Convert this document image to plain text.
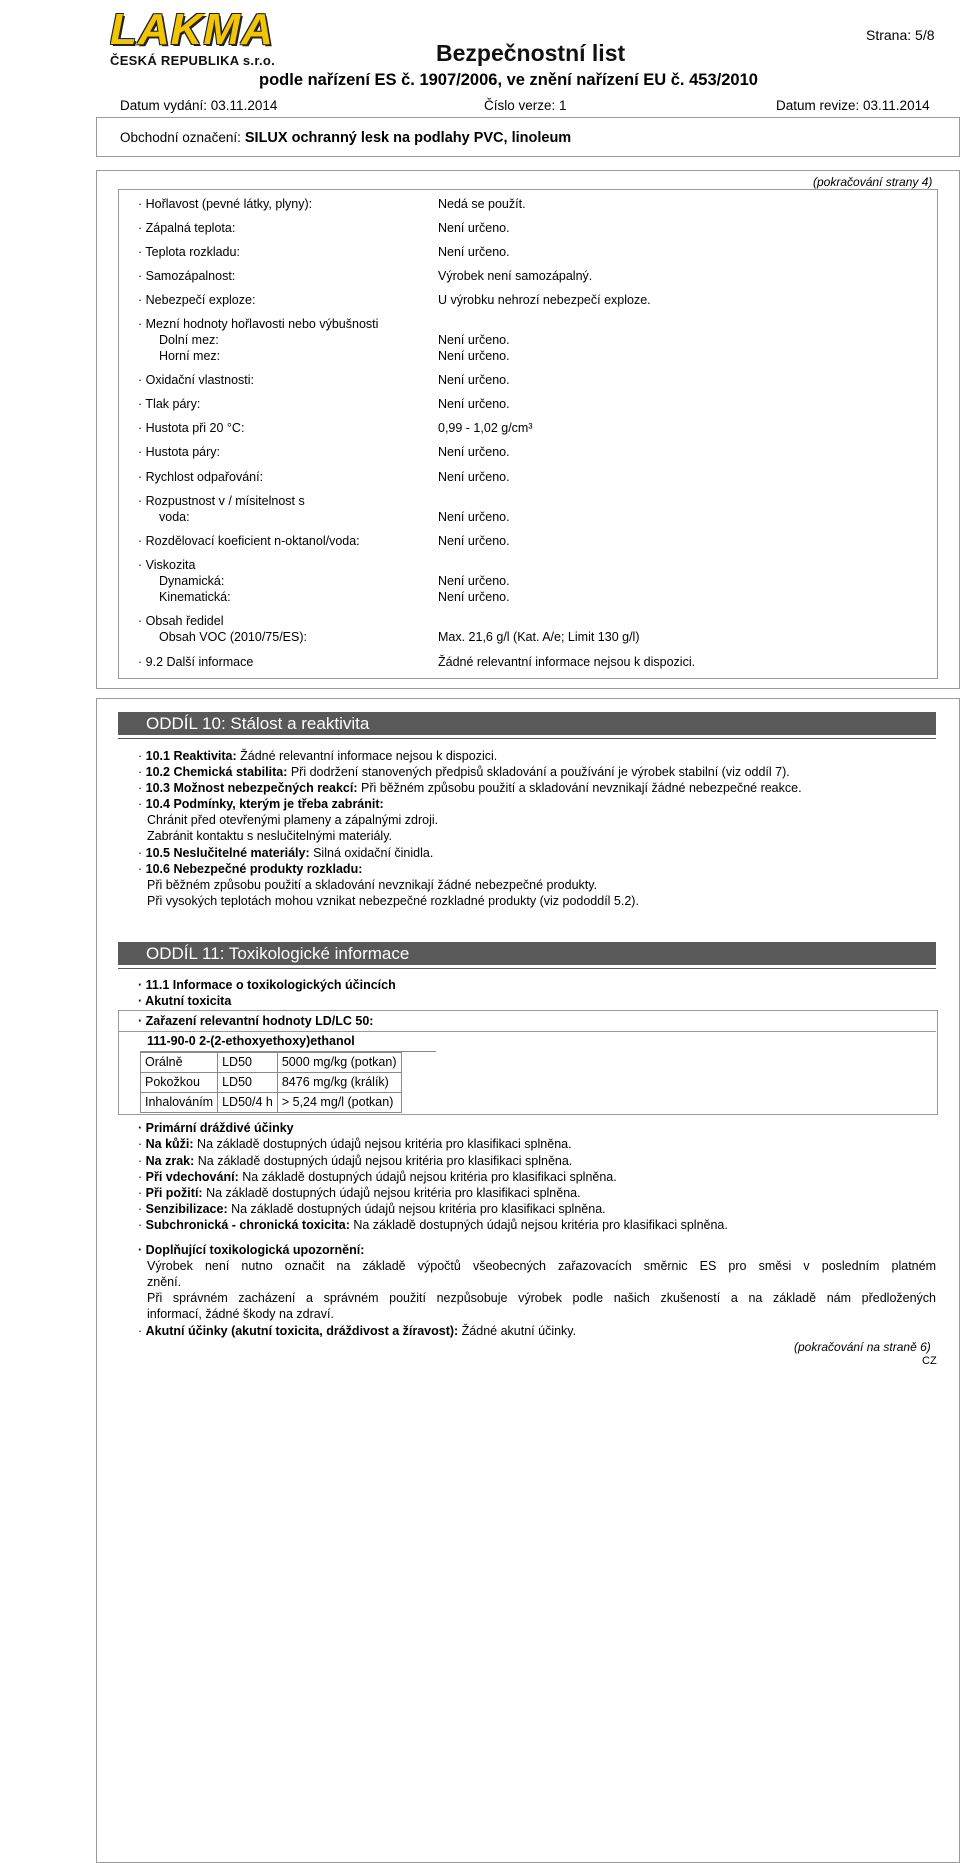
LAKMA
ČESKÁ REPUBLIKA s.r.o.	Bezpečnostní list
podle nařízení ES č. 1907/2006, ve znění nařízení EU č. 453/2010
Strana: 5/8
Datum vydání: 03.11.2014	Číslo verze: 1	Datum revize: 03.11.2014
Obchodní označení: SILUX ochranný lesk na podlahy PVC, linoleum
(pokračování strany 4)
· Hořlavost (pevné látky, plyny):	Nedá se použít.
· Zápalná teplota:	Není určeno.
· Teplota rozkladu:	Není určeno.
· Samozápalnost:	Výrobek není samozápalný.
· Nebezpečí exploze:	U výrobku nehrozí nebezpečí exploze.
· Mezní hodnoty hořlavosti nebo výbušnosti
Dolní mez:	Není určeno.
Horní mez:	Není určeno.
· Oxidační vlastnosti:	Není určeno.
· Tlak páry:	Není určeno.
· Hustota při 20 °C:	0,99 - 1,02 g/cm³
· Hustota páry:	Není určeno.
· Rychlost odpařování:	Není určeno.
· Rozpustnost v / mísitelnost s
voda:	Není určeno.
· Rozdělovací koeficient n-oktanol/voda:	Není určeno.
· Viskozita
Dynamická:	Není určeno.
Kinematická:	Není určeno.
· Obsah ředidel
Obsah VOC (2010/75/ES):	Max. 21,6 g/l (Kat. A/e; Limit 130 g/l)
· 9.2 Další informace	Žádné relevantní informace nejsou k dispozici.
ODDÍL 10: Stálost a reaktivita
· 10.1 Reaktivita: Žádné relevantní informace nejsou k dispozici.
· 10.2 Chemická stabilita: Při dodržení stanovených předpisů skladování a používání je výrobek stabilní (viz oddíl 7).
· 10.3 Možnost nebezpečných reakcí: Při běžném způsobu použití a skladování nevznikají žádné nebezpečné reakce.
· 10.4 Podmínky, kterým je třeba zabránit:
Chránit před otevřenými plameny a zápalnými zdroji.
Zabránit kontaktu s neslučitelnými materiály.
· 10.5 Neslučitelné materiály: Silná oxidační činidla.
· 10.6 Nebezpečné produkty rozkladu:
Při běžném způsobu použití a skladování nevznikají žádné nebezpečné produkty.
Při vysokých teplotách mohou vznikat nebezpečné rozkladné produkty (viz pododdíl 5.2).
ODDÍL 11: Toxikologické informace
· 11.1 Informace o toxikologických účincích
· Akutní toxicita
· Zařazení relevantní hodnoty LD/LC 50:
111-90-0 2-(2-ethoxyethoxy)ethanol
Orálně	LD50	5000 mg/kg (potkan)
Pokožkou	LD50	8476 mg/kg (králík)
Inhalováním	LD50/4 h	> 5,24 mg/l (potkan)
· Primární dráždivé účinky
· Na kůži: Na základě dostupných údajů nejsou kritéria pro klasifikaci splněna.
· Na zrak: Na základě dostupných údajů nejsou kritéria pro klasifikaci splněna.
· Při vdechování: Na základě dostupných údajů nejsou kritéria pro klasifikaci splněna.
· Při požití: Na základě dostupných údajů nejsou kritéria pro klasifikaci splněna.
· Senzibilizace: Na základě dostupných údajů nejsou kritéria pro klasifikaci splněna.
· Subchronická - chronická toxicita: Na základě dostupných údajů nejsou kritéria pro klasifikaci splněna.
· Doplňující toxikologická upozornění:
Výrobek není nutno označit na základě výpočtů všeobecných zařazovacích směrnic ES pro směsi v posledním platném
znění.
Při správném zacházení a správném použití nezpůsobuje výrobek podle našich zkušeností a na základě nám předložených
informací, žádné škody na zdraví.
· Akutní účinky (akutní toxicita, dráždivost a žíravost): Žádné akutní účinky.
(pokračování na straně 6)
CZ
